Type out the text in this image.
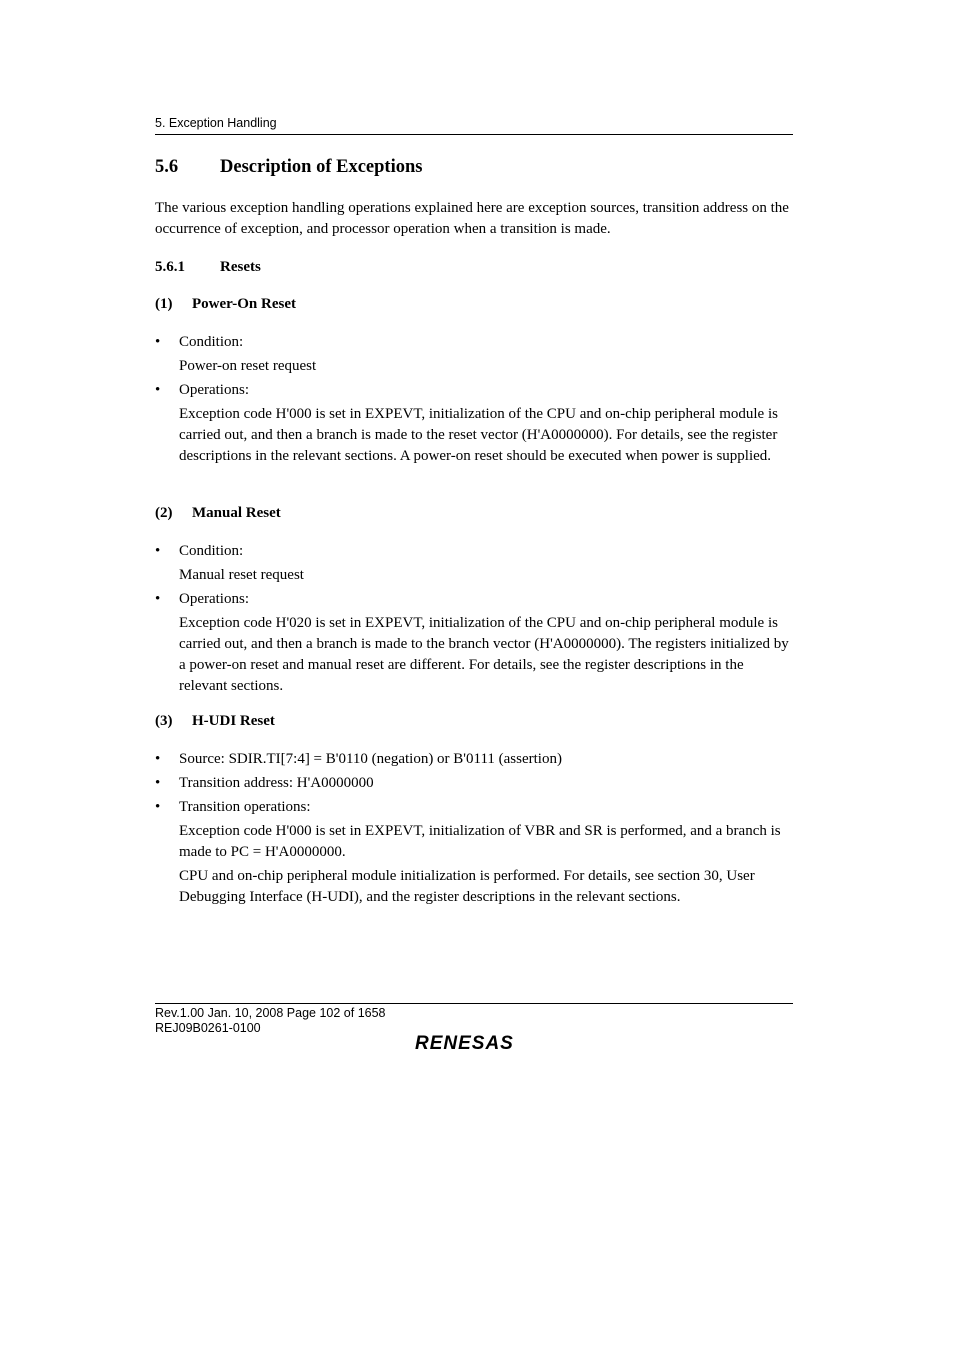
5. Exception Handling
5.6 Description of Exceptions
The various exception handling operations explained here are exception sources, transition address on the occurrence of exception, and processor operation when a transition is made.
5.6.1 Resets
(1) Power-On Reset
• Condition:
Power-on reset request
• Operations:
Exception code H'000 is set in EXPEVT, initialization of the CPU and on-chip peripheral module is carried out, and then a branch is made to the reset vector (H'A0000000). For details, see the register descriptions in the relevant sections. A power-on reset should be executed when power is supplied.
(2) Manual Reset
• Condition:
Manual reset request
• Operations:
Exception code H'020 is set in EXPEVT, initialization of the CPU and on-chip peripheral module is carried out, and then a branch is made to the branch vector (H'A0000000). The registers initialized by a power-on reset and manual reset are different. For details, see the register descriptions in the relevant sections.
(3) H-UDI Reset
• Source: SDIR.TI[7:4] = B'0110 (negation) or B'0111 (assertion)
• Transition address: H'A0000000
• Transition operations:
Exception code H'000 is set in EXPEVT, initialization of VBR and SR is performed, and a branch is made to PC = H'A0000000.
CPU and on-chip peripheral module initialization is performed. For details, see section 30, User Debugging Interface (H-UDI), and the register descriptions in the relevant sections.
Rev.1.00 Jan. 10, 2008 Page 102 of 1658
REJ09B0261-0100
RENESAS
